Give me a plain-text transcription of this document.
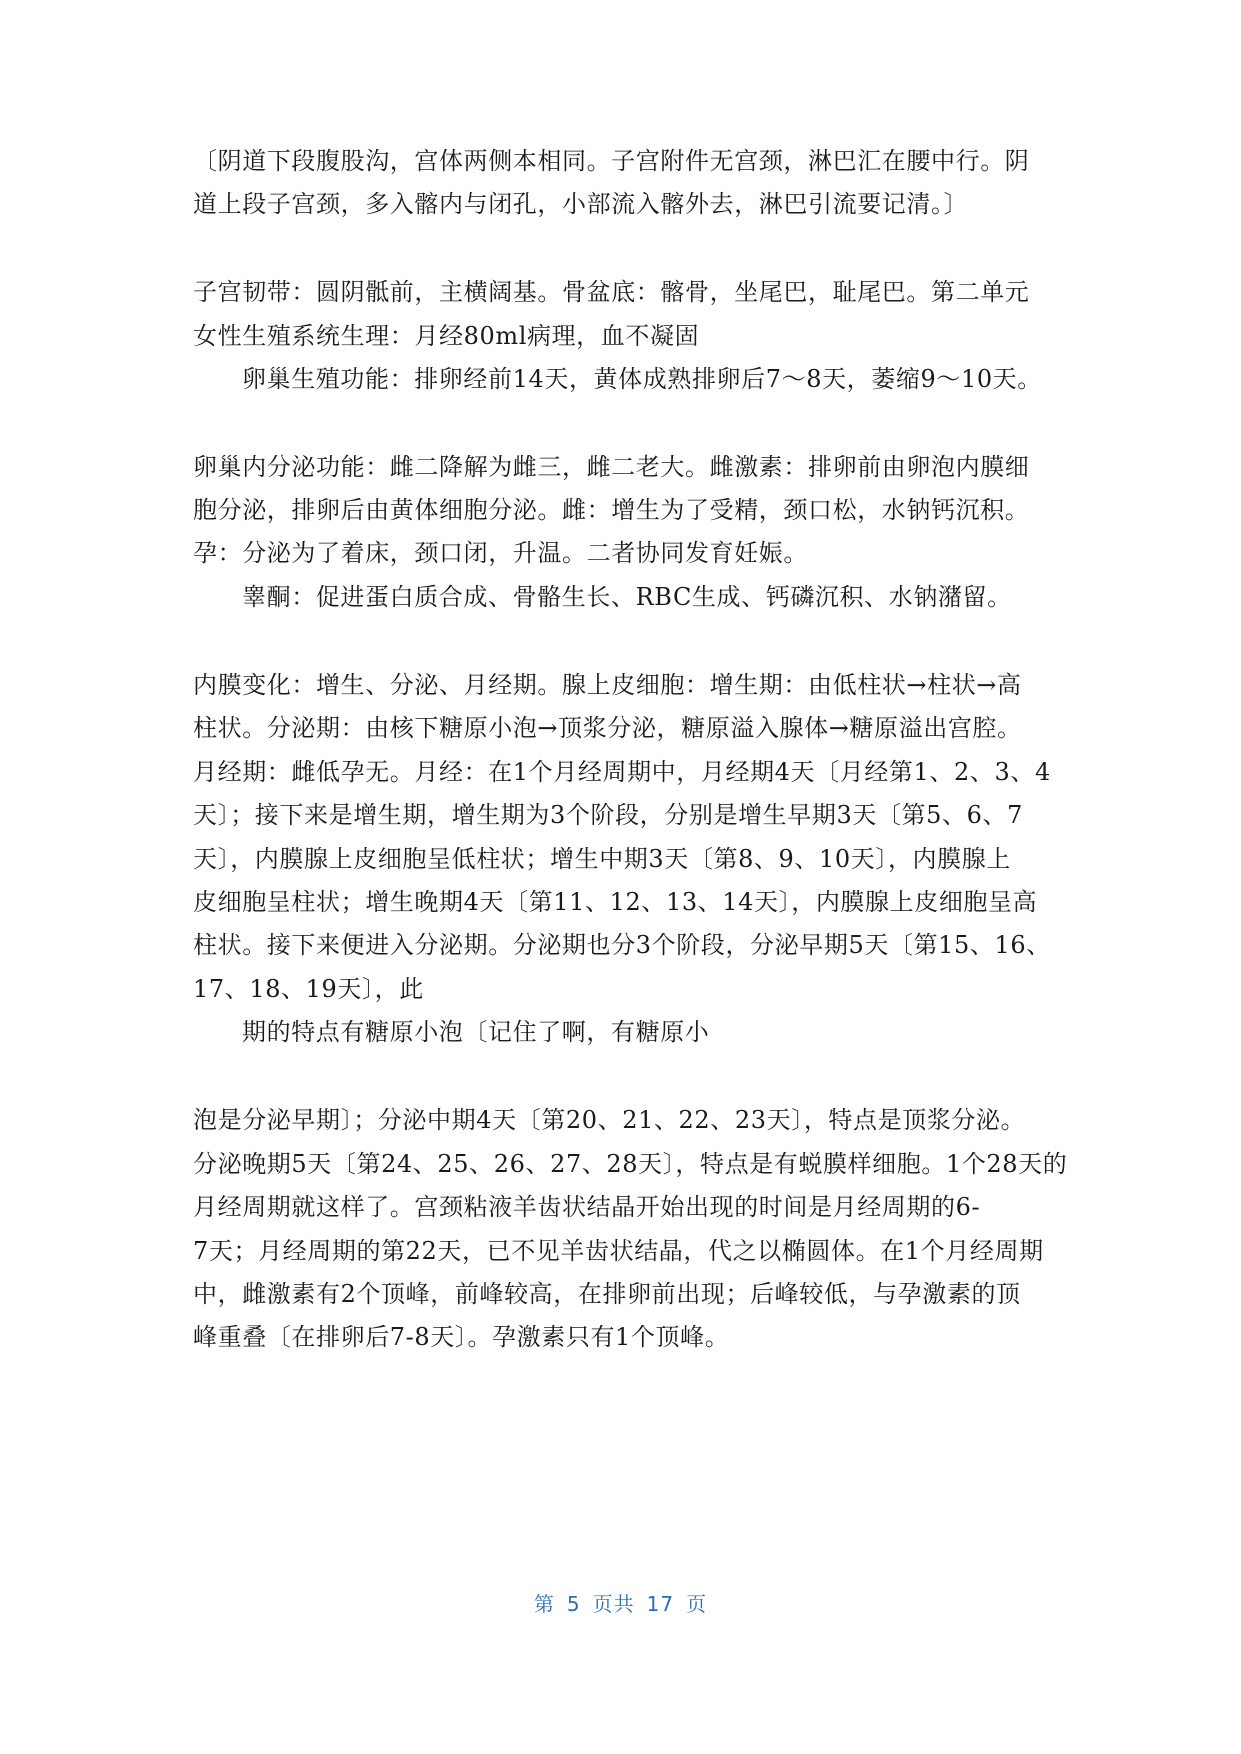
〔阴道下段腹股沟，宫体两侧本相同。子宫附件无宫颈，淋巴汇在腰中行。阴
道上段子宫颈，多入髂内与闭孔，小部流入髂外去，淋巴引流要记清。〕
子宫韧带：圆阴骶前，主横阔基。骨盆底：髂骨，坐尾巴，耻尾巴。第二单元
女性生殖系统生理：月经80ml病理，血不凝固
卵巢生殖功能：排卵经前14天，黄体成熟排卵后7～8天，萎缩9～10天。
卵巢内分泌功能：雌二降解为雌三，雌二老大。雌激素：排卵前由卵泡内膜细
胞分泌，排卵后由黄体细胞分泌。雌：增生为了受精，颈口松，水钠钙沉积。
孕：分泌为了着床，颈口闭，升温。二者协同发育妊娠。
睾酮：促进蛋白质合成、骨骼生长、RBC生成、钙磷沉积、水钠潴留。
内膜变化：增生、分泌、月经期。腺上皮细胞：增生期：由低柱状→柱状→高
柱状。分泌期：由核下糖原小泡→顶浆分泌，糖原溢入腺体→糖原溢出宫腔。
月经期：雌低孕无。月经：在1个月经周期中，月经期4天〔月经第1、2、3、4
天〕；接下来是增生期，增生期为3个阶段，分别是增生早期3天〔第5、6、7
天〕，内膜腺上皮细胞呈低柱状；增生中期3天〔第8、9、10天〕，内膜腺上
皮细胞呈柱状；增生晚期4天〔第11、12、13、14天〕，内膜腺上皮细胞呈高
柱状。接下来便进入分泌期。分泌期也分3个阶段，分泌早期5天〔第15、16、
17、18、19天〕，此
期的特点有糖原小泡〔记住了啊，有糖原小
泡是分泌早期〕；分泌中期4天〔第20、21、22、23天〕，特点是顶浆分泌。
分泌晚期5天〔第24、25、26、27、28天〕，特点是有蜕膜样细胞。1个28天的
月经周期就这样了。宫颈粘液羊齿状结晶开始出现的时间是月经周期的6-
7天；月经周期的第22天，已不见羊齿状结晶，代之以椭圆体。在1个月经周期
中，雌激素有2个顶峰，前峰较高，在排卵前出现；后峰较低，与孕激素的顶
峰重叠〔在排卵后7-8天〕。孕激素只有1个顶峰。
第 5 页共 17 页
